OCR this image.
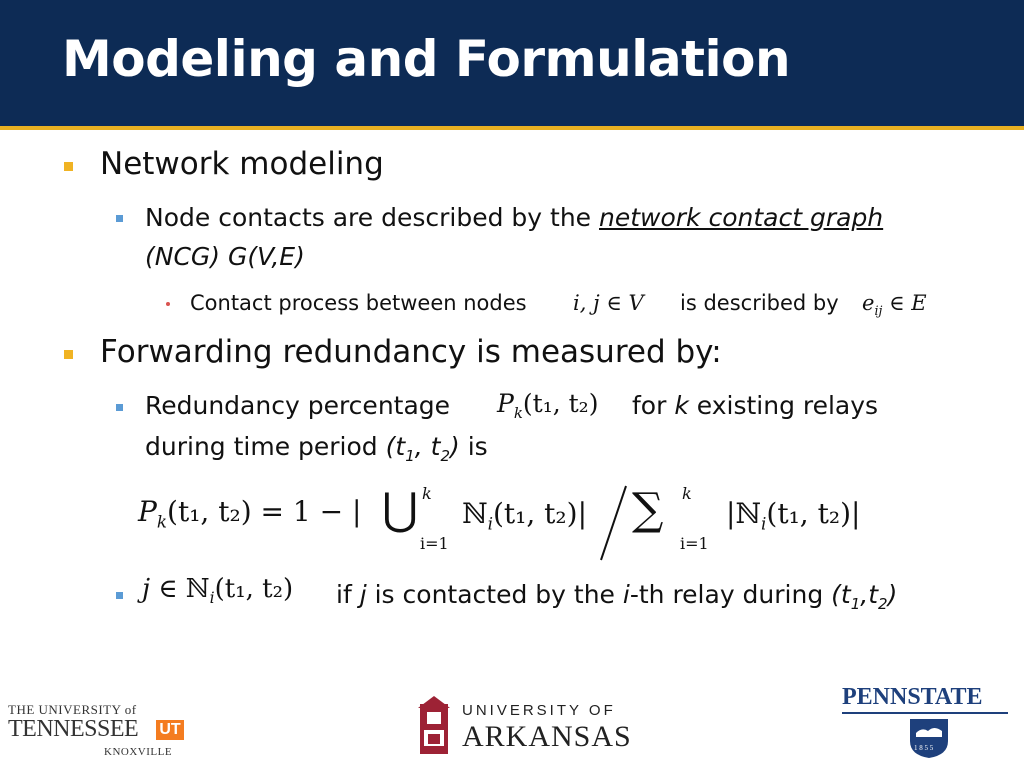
Modeling and Formulation
Network modeling
Node contacts are described by the network contact graph
(NCG) G(V,E)
Contact process between nodes i, j ∈ V is described by $e_{ij}$ ∈ E
Forwarding redundancy is measured by:
Redundancy percentage $P_k(t_1$, t₂) for k existing relays
during time period ($t_1$, $t_2$) is
$P_k(t_1$, t₂) = 1 − | ⋃ k
i=1
ℕ$_i$(t₁, t₂)| ∑ k
i=1
|ℕ$_i$(t₁, t₂)|
j ∈ ℕ$_i$(t₁, t₂) if j is contacted by the i-th relay during $(t_1,t_2)$
THE UNIVERSITY of
TENNESSEE UT
KNOXVILLE
UNIVERSITY OF
ARKANSAS
PENNSTATE
1 8 5 5
